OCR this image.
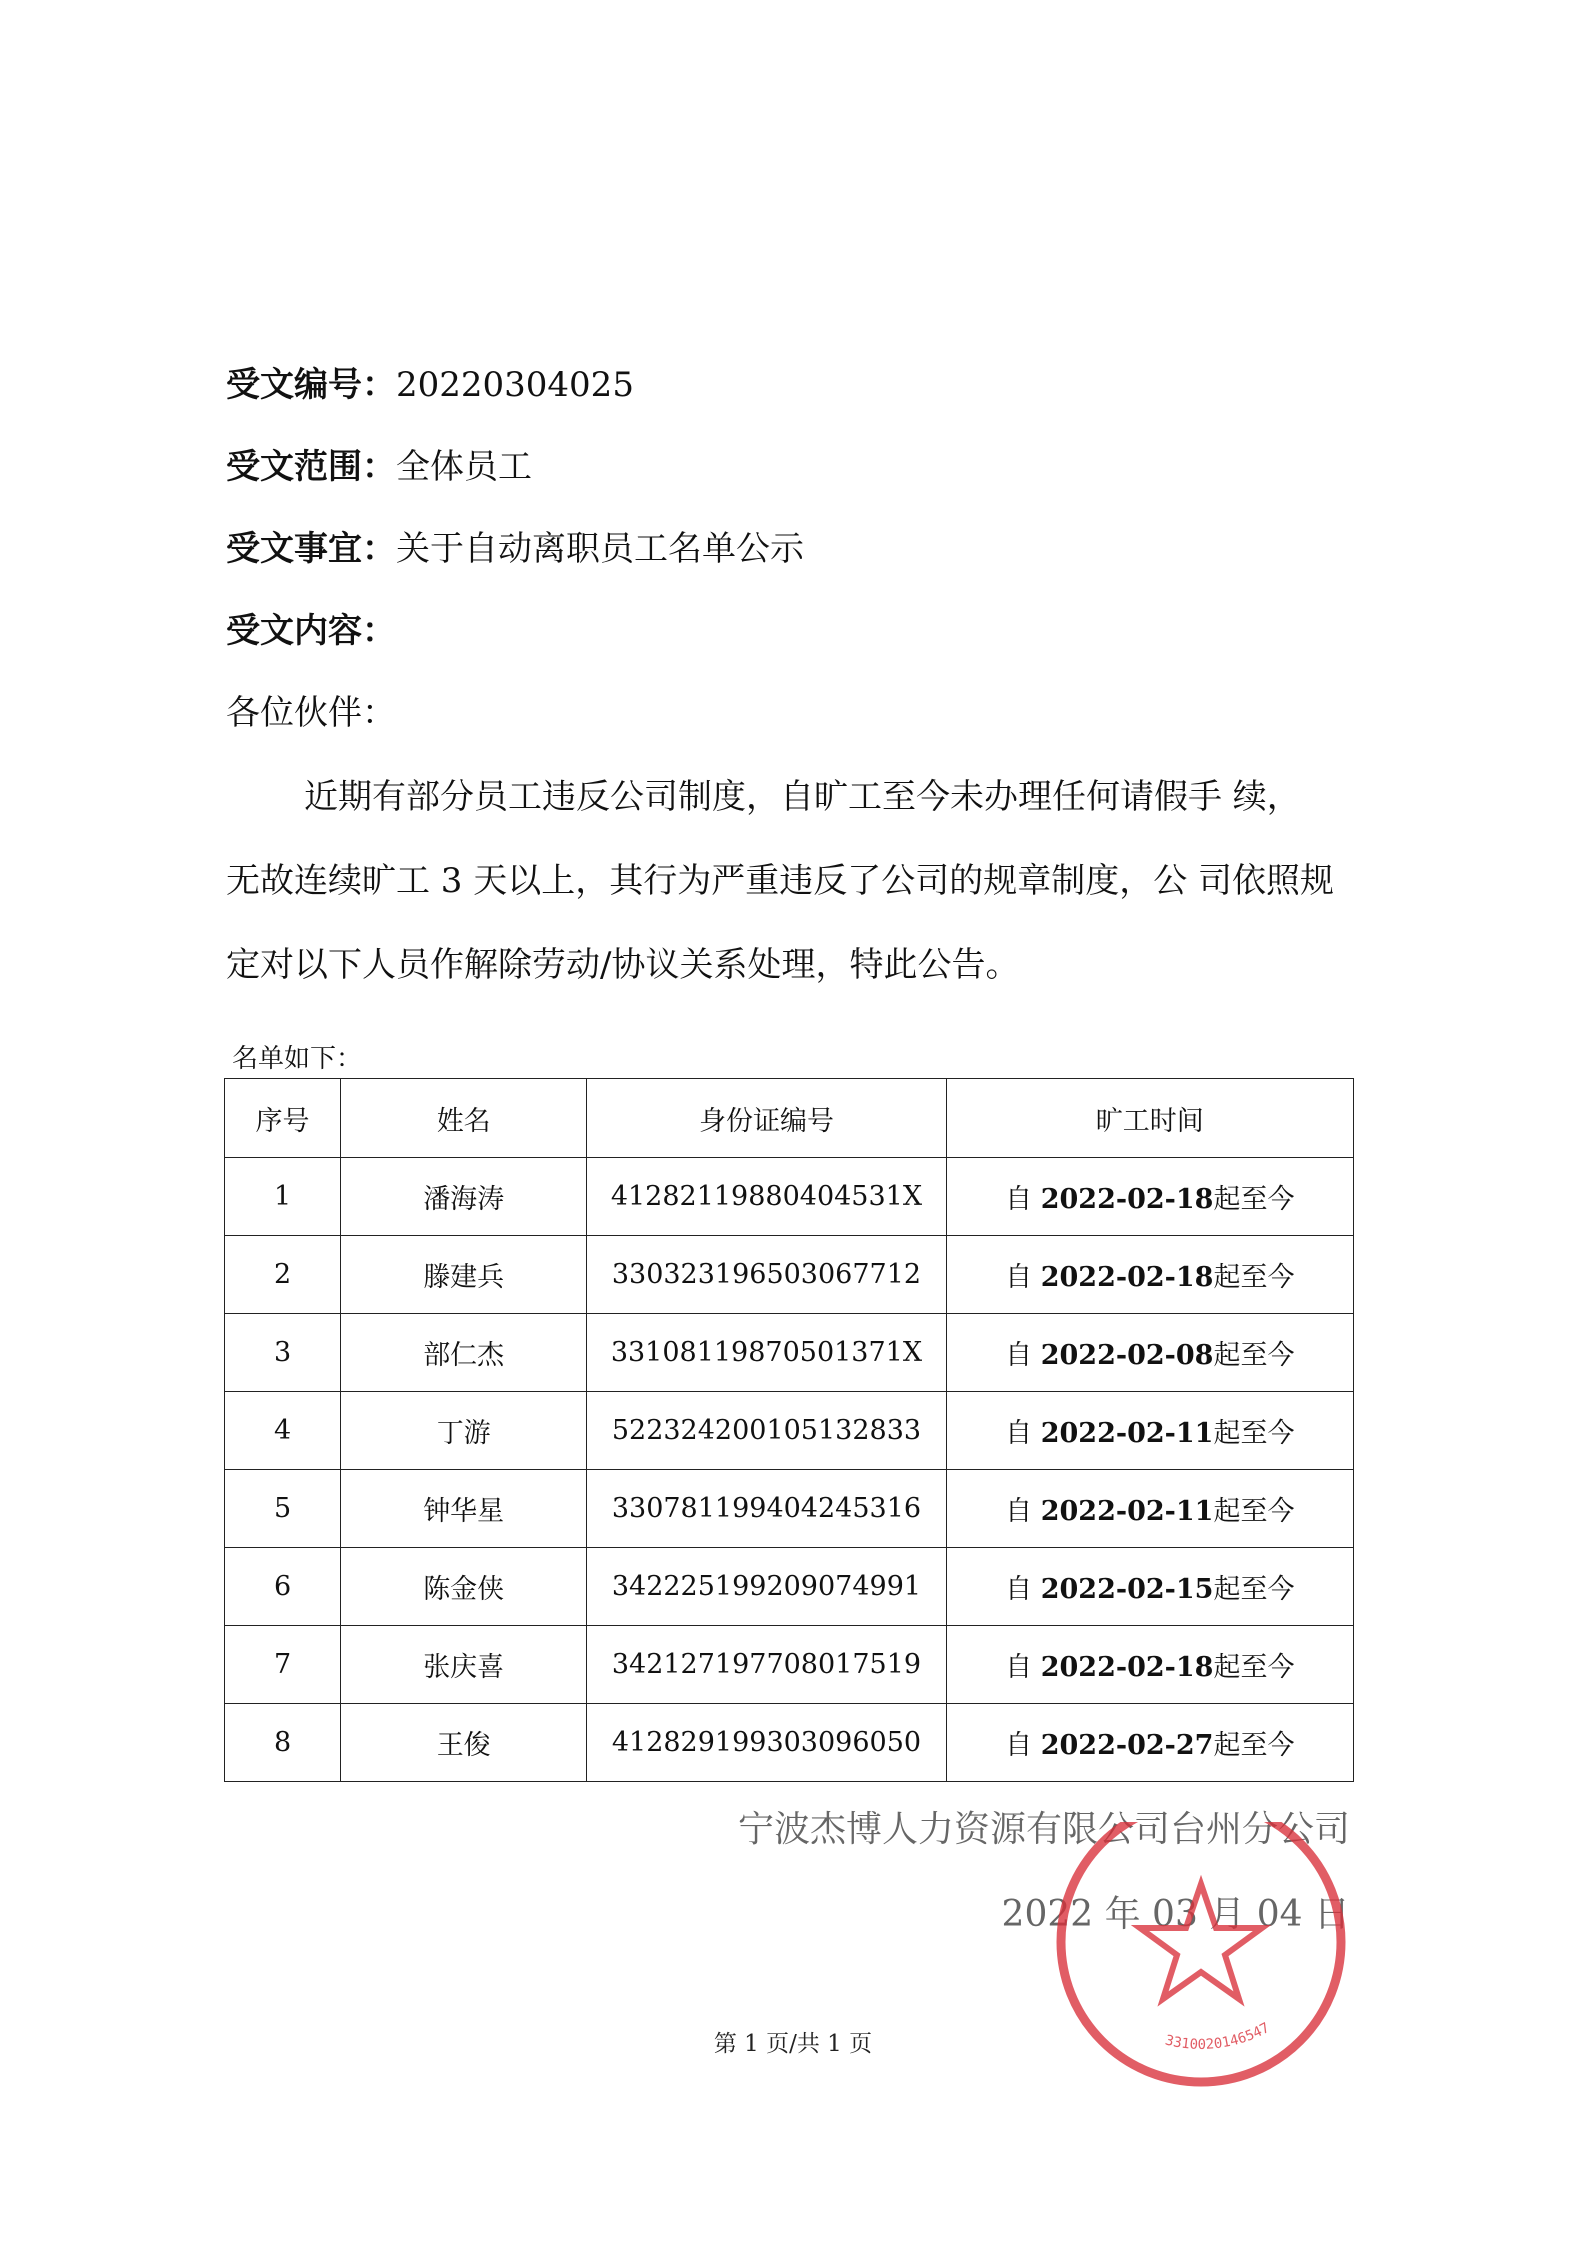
受文编号：20220304025
受文范围：全体员工
受文事宜：关于自动离职员工名单公示
受文内容：
各位伙伴：
近期有部分员工违反公司制度，自旷工至今未办理任何请假手 续，
无故连续旷工 3 天以上，其行为严重违反了公司的规章制度，公 司依照规
定对以下人员作解除劳动/协议关系处理，特此公告。
名单如下：
序号	姓名	身份证编号	旷工时间
1	潘海涛	41282119880404531X	自 2022-02-18起至今
2	滕建兵	330323196503067712	自 2022-02-18起至今
3	部仁杰	33108119870501371X	自 2022-02-08起至今
4	丁游	522324200105132833	自 2022-02-11起至今
5	钟华星	330781199404245316	自 2022-02-11起至今
6	陈金侠	342225199209074991	自 2022-02-15起至今
7	张庆喜	342127197708017519	自 2022-02-18起至今
8	王俊	412829199303096050	自 2022-02-27起至今
宁波杰博人力资源有限公司台州分公司
2022 年 03 月 04 日
3310020146547
第 1 页/共 1 页
